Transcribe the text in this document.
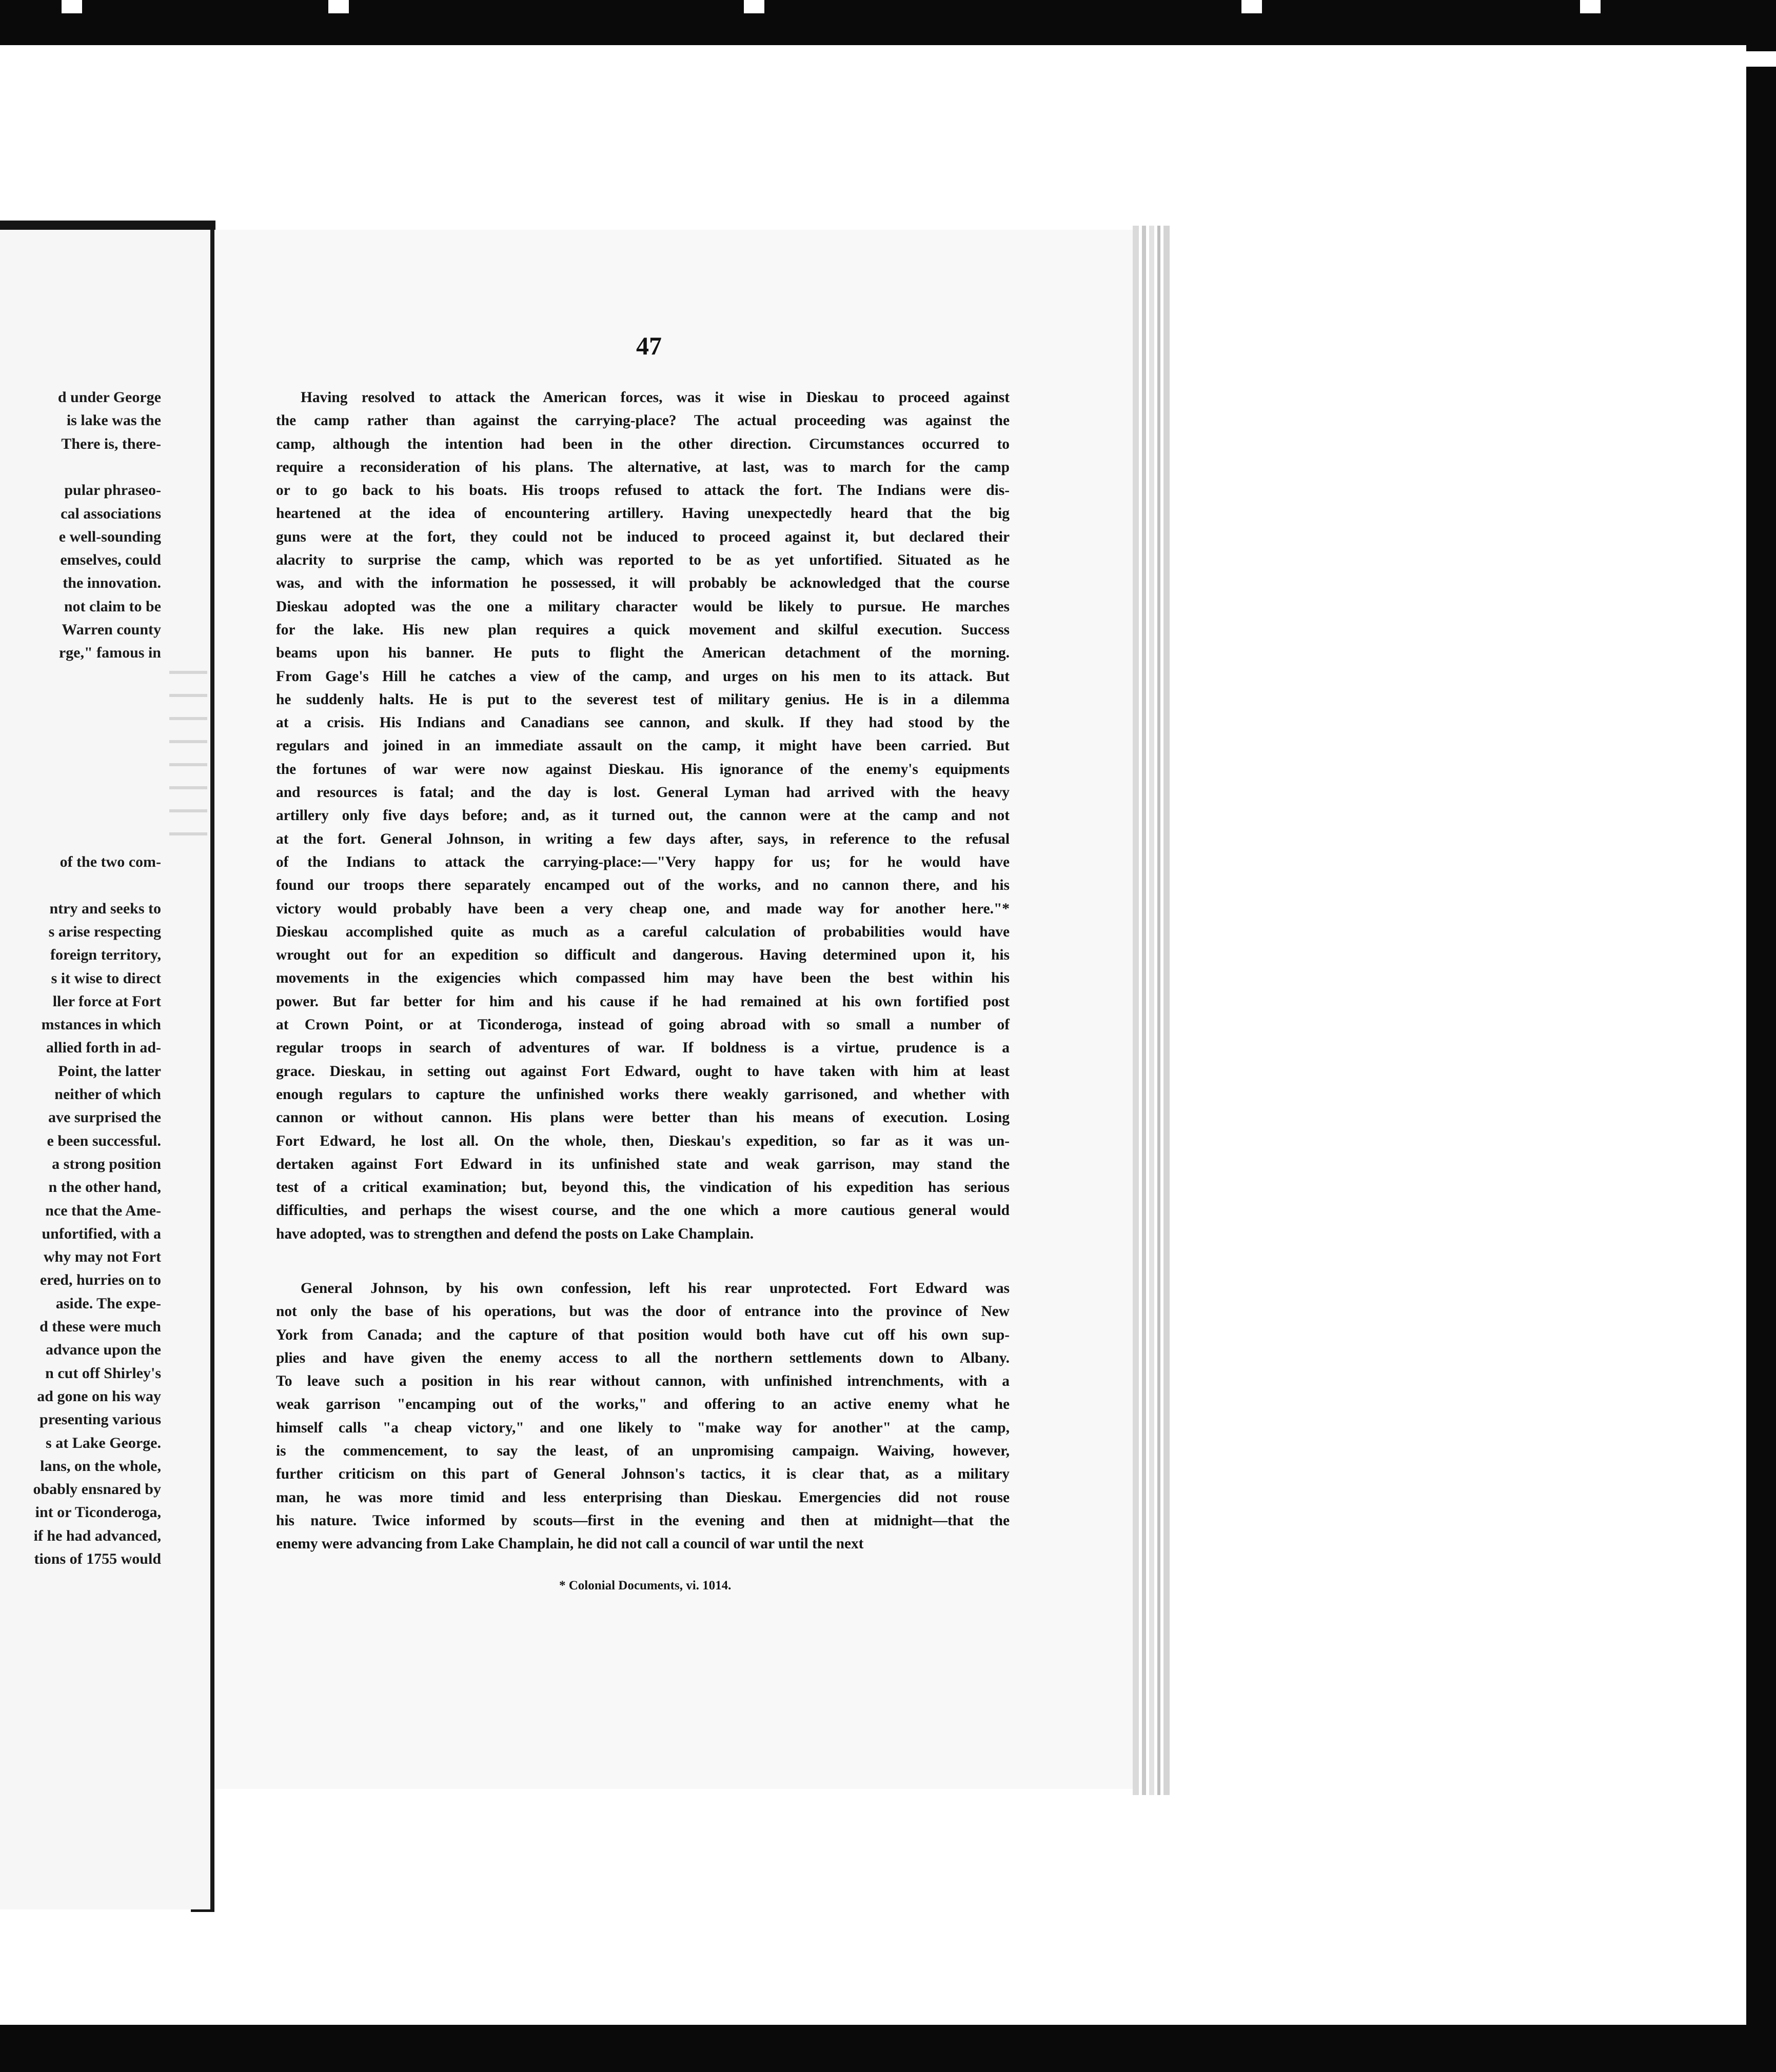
d under George
is lake was the
There is, there-
pular phraseo-
cal associations
e well-sounding
emselves, could
the innovation.
not claim to be
Warren county
rge," famous in
of the two com-
ntry and seeks to
s arise respecting
foreign territory,
s it wise to direct
ller force at Fort
mstances in which
allied forth in ad-
Point, the latter
neither of which
ave surprised the
e been successful.
a strong position
n the other hand,
nce that the Ame-
unfortified, with a
why may not Fort
ered, hurries on to
aside. The expe-
d these were much
advance upon the
n cut off Shirley's
ad gone on his way
presenting various
s at Lake George.
lans, on the whole,
obably ensnared by
int or Ticonderoga,
if he had advanced,
tions of 1755 would
47
Having resolved to attack the American forces, was it wise in Dieskau to proceed against
the camp rather than against the carrying-place? The actual proceeding was against the
camp, although the intention had been in the other direction. Circumstances occurred to
require a reconsideration of his plans. The alternative, at last, was to march for the camp
or to go back to his boats. His troops refused to attack the fort. The Indians were dis-
heartened at the idea of encountering artillery. Having unexpectedly heard that the big
guns were at the fort, they could not be induced to proceed against it, but declared their
alacrity to surprise the camp, which was reported to be as yet unfortified. Situated as he
was, and with the information he possessed, it will probably be acknowledged that the course
Dieskau adopted was the one a military character would be likely to pursue. He marches
for the lake. His new plan requires a quick movement and skilful execution. Success
beams upon his banner. He puts to flight the American detachment of the morning.
From Gage's Hill he catches a view of the camp, and urges on his men to its attack. But
he suddenly halts. He is put to the severest test of military genius. He is in a dilemma
at a crisis. His Indians and Canadians see cannon, and skulk. If they had stood by the
regulars and joined in an immediate assault on the camp, it might have been carried. But
the fortunes of war were now against Dieskau. His ignorance of the enemy's equipments
and resources is fatal; and the day is lost. General Lyman had arrived with the heavy
artillery only five days before; and, as it turned out, the cannon were at the camp and not
at the fort. General Johnson, in writing a few days after, says, in reference to the refusal
of the Indians to attack the carrying-place:—"Very happy for us; for he would have
found our troops there separately encamped out of the works, and no cannon there, and his
victory would probably have been a very cheap one, and made way for another here."*
Dieskau accomplished quite as much as a careful calculation of probabilities would have
wrought out for an expedition so difficult and dangerous. Having determined upon it, his
movements in the exigencies which compassed him may have been the best within his
power. But far better for him and his cause if he had remained at his own fortified post
at Crown Point, or at Ticonderoga, instead of going abroad with so small a number of
regular troops in search of adventures of war. If boldness is a virtue, prudence is a
grace. Dieskau, in setting out against Fort Edward, ought to have taken with him at least
enough regulars to capture the unfinished works there weakly garrisoned, and whether with
cannon or without cannon. His plans were better than his means of execution. Losing
Fort Edward, he lost all. On the whole, then, Dieskau's expedition, so far as it was un-
dertaken against Fort Edward in its unfinished state and weak garrison, may stand the
test of a critical examination; but, beyond this, the vindication of his expedition has serious
difficulties, and perhaps the wisest course, and the one which a more cautious general would
have adopted, was to strengthen and defend the posts on Lake Champlain.
General Johnson, by his own confession, left his rear unprotected. Fort Edward was
not only the base of his operations, but was the door of entrance into the province of New
York from Canada; and the capture of that position would both have cut off his own sup-
plies and have given the enemy access to all the northern settlements down to Albany.
To leave such a position in his rear without cannon, with unfinished intrenchments, with a
weak garrison "encamping out of the works," and offering to an active enemy what he
himself calls "a cheap victory," and one likely to "make way for another" at the camp,
is the commencement, to say the least, of an unpromising campaign. Waiving, however,
further criticism on this part of General Johnson's tactics, it is clear that, as a military
man, he was more timid and less enterprising than Dieskau. Emergencies did not rouse
his nature. Twice informed by scouts—first in the evening and then at midnight—that the
enemy were advancing from Lake Champlain, he did not call a council of war until the next
* Colonial Documents, vi. 1014.
